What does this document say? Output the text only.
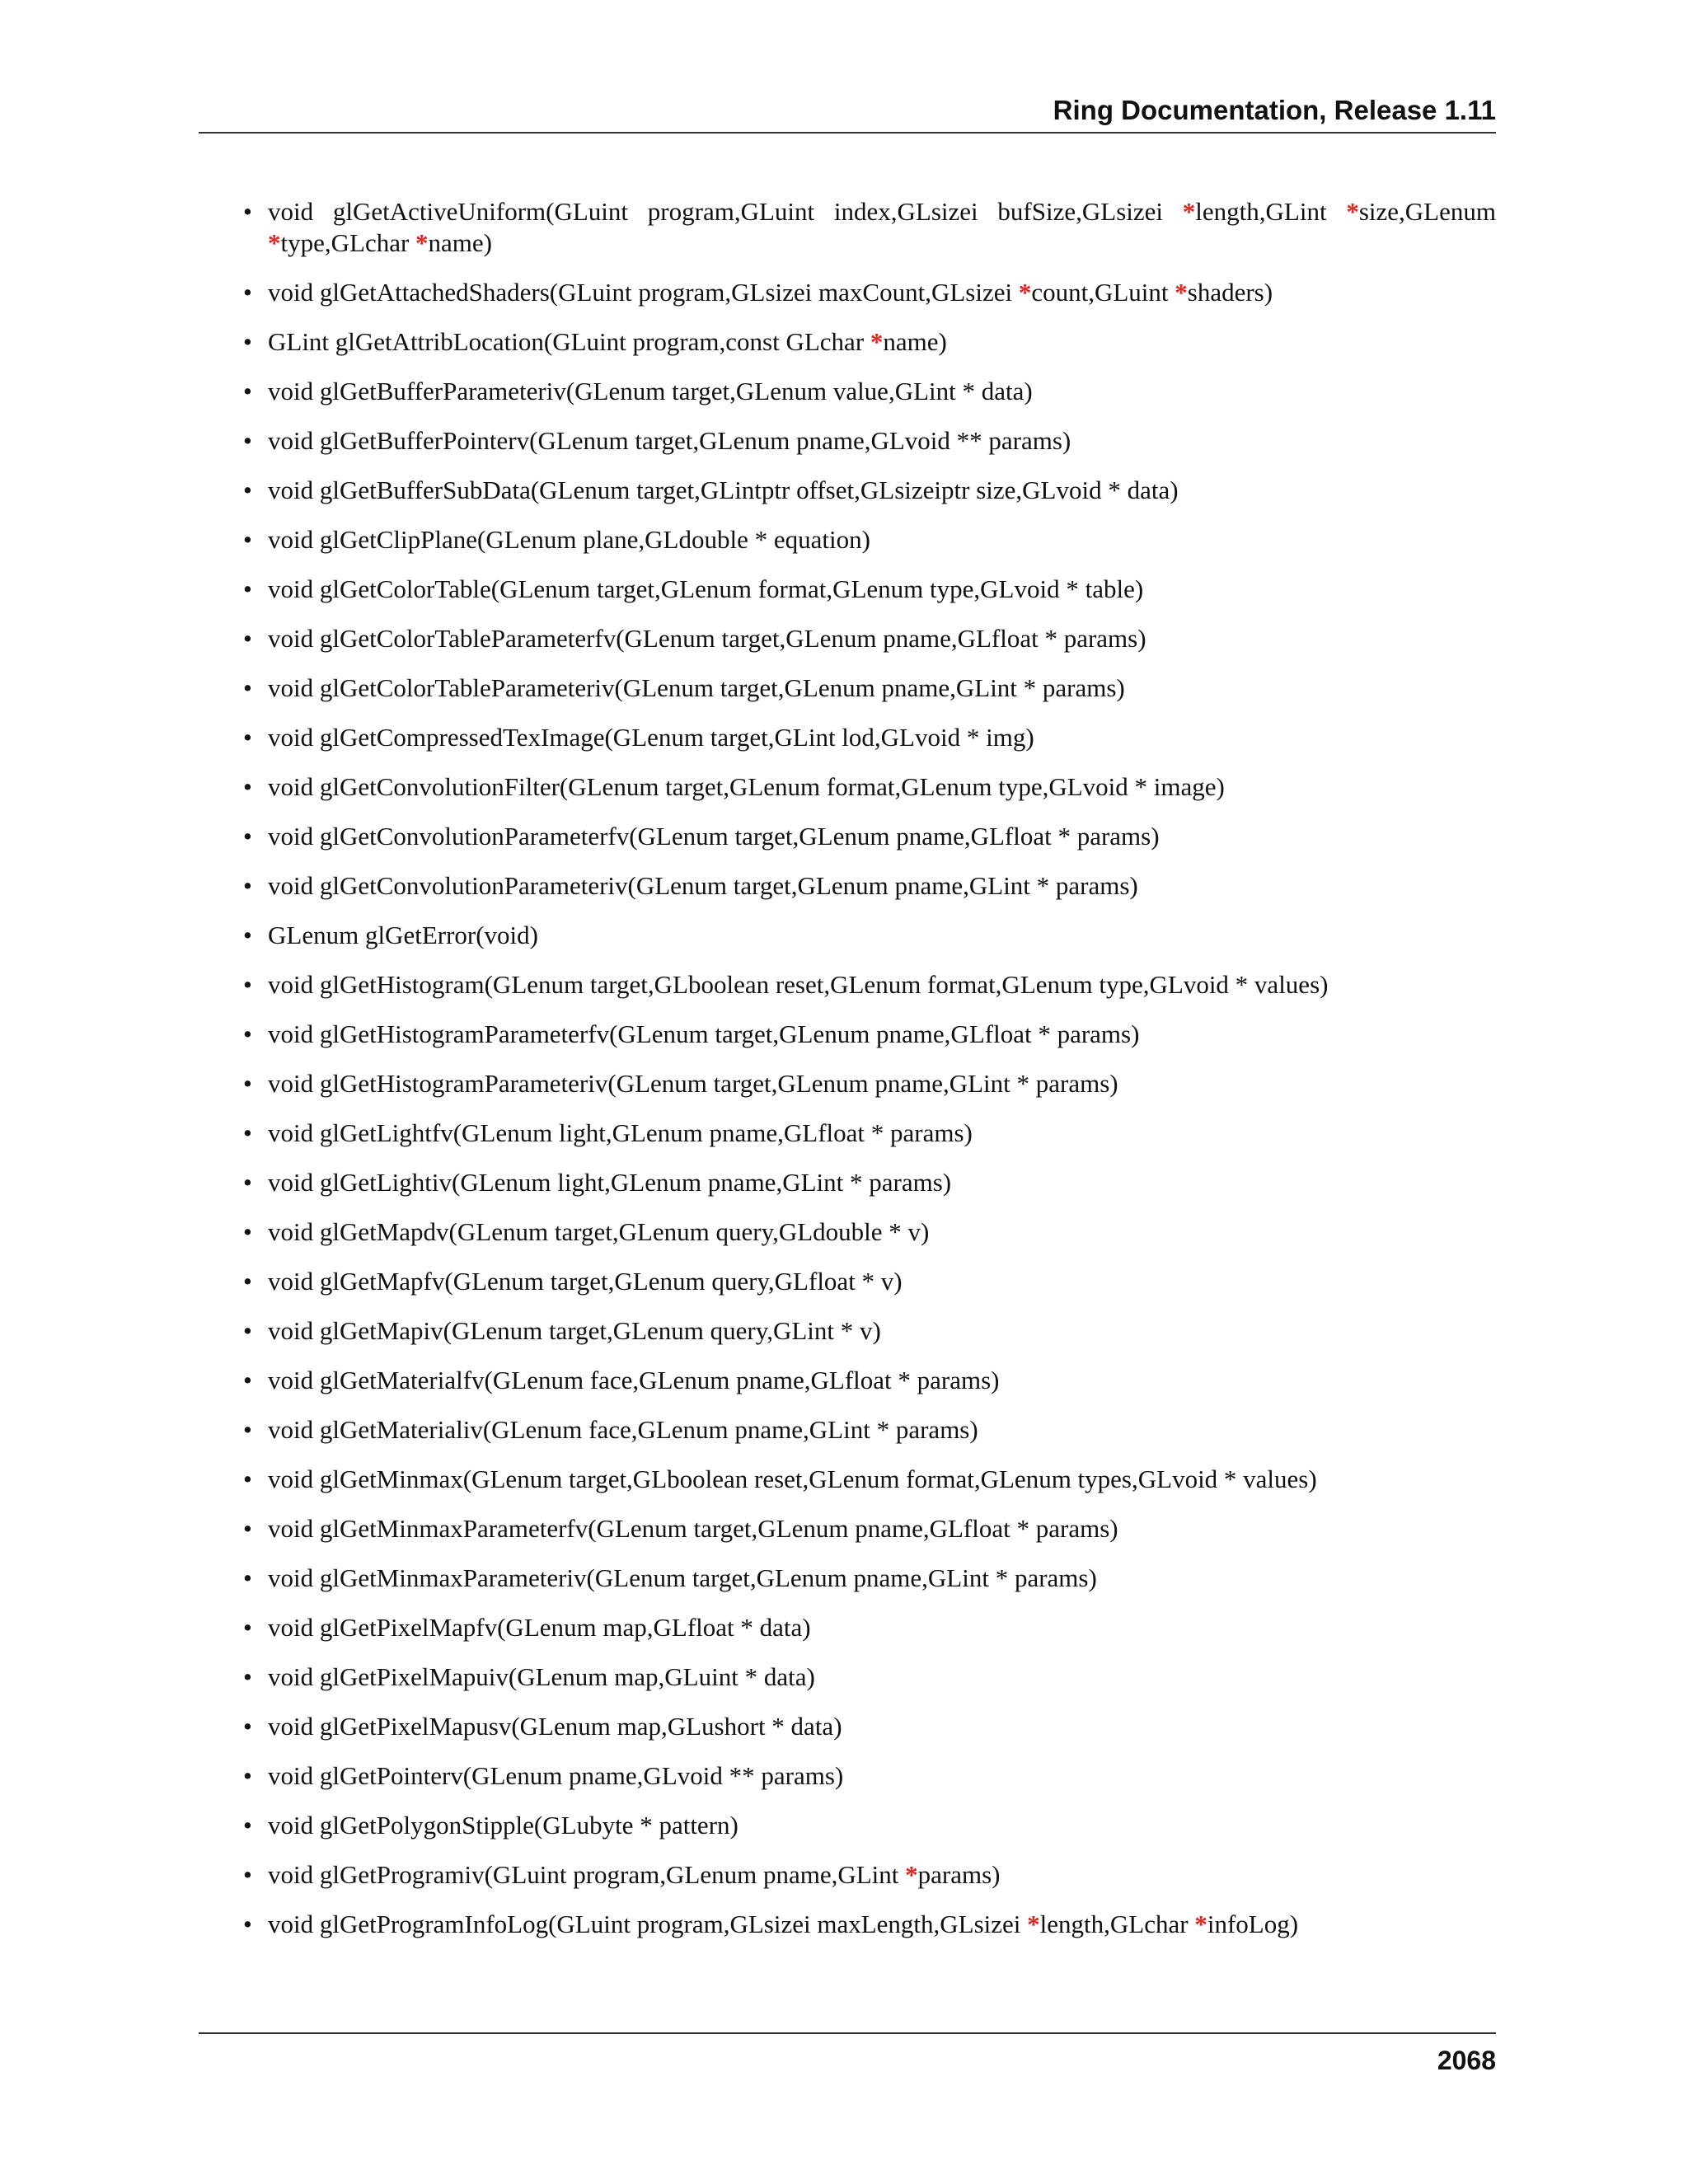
Ring Documentation, Release 1.11
• void glGetActiveUniform(GLuint program,GLuint index,GLsizei bufSize,GLsizei *length,GLint *size,GLenum *type,GLchar *name)
• void glGetAttachedShaders(GLuint program,GLsizei maxCount,GLsizei *count,GLuint *shaders)
• GLint glGetAttribLocation(GLuint program,const GLchar *name)
• void glGetBufferParameteriv(GLenum target,GLenum value,GLint * data)
• void glGetBufferPointerv(GLenum target,GLenum pname,GLvoid ** params)
• void glGetBufferSubData(GLenum target,GLintptr offset,GLsizeiptr size,GLvoid * data)
• void glGetClipPlane(GLenum plane,GLdouble * equation)
• void glGetColorTable(GLenum target,GLenum format,GLenum type,GLvoid * table)
• void glGetColorTableParameterfv(GLenum target,GLenum pname,GLfloat * params)
• void glGetColorTableParameteriv(GLenum target,GLenum pname,GLint * params)
• void glGetCompressedTexImage(GLenum target,GLint lod,GLvoid * img)
• void glGetConvolutionFilter(GLenum target,GLenum format,GLenum type,GLvoid * image)
• void glGetConvolutionParameterfv(GLenum target,GLenum pname,GLfloat * params)
• void glGetConvolutionParameteriv(GLenum target,GLenum pname,GLint * params)
• GLenum glGetError(void)
• void glGetHistogram(GLenum target,GLboolean reset,GLenum format,GLenum type,GLvoid * values)
• void glGetHistogramParameterfv(GLenum target,GLenum pname,GLfloat * params)
• void glGetHistogramParameteriv(GLenum target,GLenum pname,GLint * params)
• void glGetLightfv(GLenum light,GLenum pname,GLfloat * params)
• void glGetLightiv(GLenum light,GLenum pname,GLint * params)
• void glGetMapdv(GLenum target,GLenum query,GLdouble * v)
• void glGetMapfv(GLenum target,GLenum query,GLfloat * v)
• void glGetMapiv(GLenum target,GLenum query,GLint * v)
• void glGetMaterialfv(GLenum face,GLenum pname,GLfloat * params)
• void glGetMaterialiv(GLenum face,GLenum pname,GLint * params)
• void glGetMinmax(GLenum target,GLboolean reset,GLenum format,GLenum types,GLvoid * values)
• void glGetMinmaxParameterfv(GLenum target,GLenum pname,GLfloat * params)
• void glGetMinmaxParameteriv(GLenum target,GLenum pname,GLint * params)
• void glGetPixelMapfv(GLenum map,GLfloat * data)
• void glGetPixelMapuiv(GLenum map,GLuint * data)
• void glGetPixelMapusv(GLenum map,GLushort * data)
• void glGetPointerv(GLenum pname,GLvoid ** params)
• void glGetPolygonStipple(GLubyte * pattern)
• void glGetProgramiv(GLuint program,GLenum pname,GLint *params)
• void glGetProgramInfoLog(GLuint program,GLsizei maxLength,GLsizei *length,GLchar *infoLog)
2068
